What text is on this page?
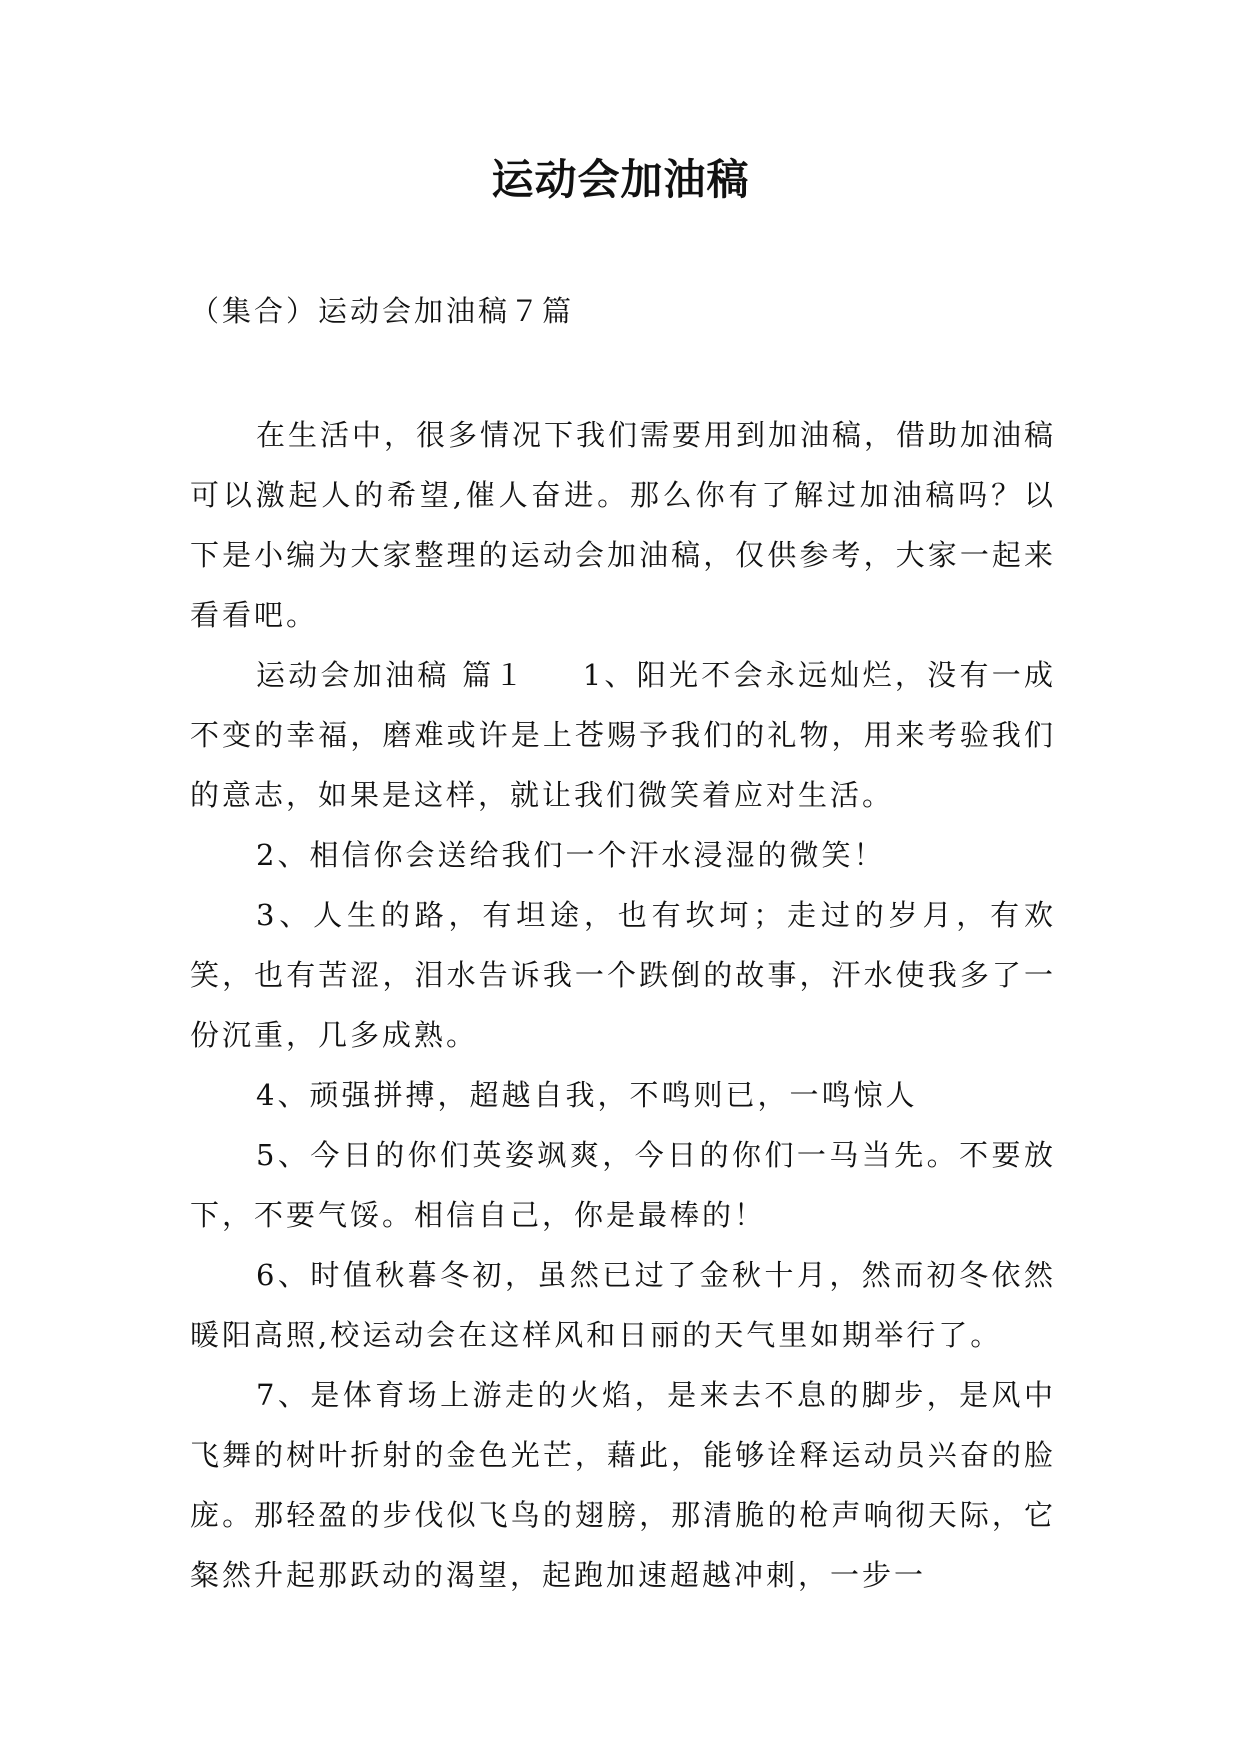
运动会加油稿

（集合）运动会加油稿７篇

在生活中，很多情况下我们需要用到加油稿，借助加油稿可以激起人的希望,催人奋进。那么你有了解过加油稿吗？以下是小编为大家整理的运动会加油稿，仅供参考，大家一起来看看吧。

运动会加油稿 篇１ 1、阳光不会永远灿烂，没有一成不变的幸福，磨难或许是上苍赐予我们的礼物，用来考验我们的意志，如果是这样，就让我们微笑着应对生活。

2、相信你会送给我们一个汗水浸湿的微笑！

3、人生的路，有坦途，也有坎坷；走过的岁月，有欢笑，也有苦涩，泪水告诉我一个跌倒的故事，汗水使我多了一份沉重，几多成熟。

4、顽强拼搏，超越自我，不鸣则已，一鸣惊人

5、今日的你们英姿飒爽，今日的你们一马当先。不要放下，不要气馁。相信自己，你是最棒的！

6、时值秋暮冬初，虽然已过了金秋十月，然而初冬依然暖阳高照,校运动会在这样风和日丽的天气里如期举行了。

7、是体育场上游走的火焰，是来去不息的脚步，是风中飞舞的树叶折射的金色光芒，藉此，能够诠释运动员兴奋的脸庞。那轻盈的步伐似飞鸟的翅膀，那清脆的枪声响彻天际，它粲然升起那跃动的渴望，起跑加速超越冲刺，一步一
